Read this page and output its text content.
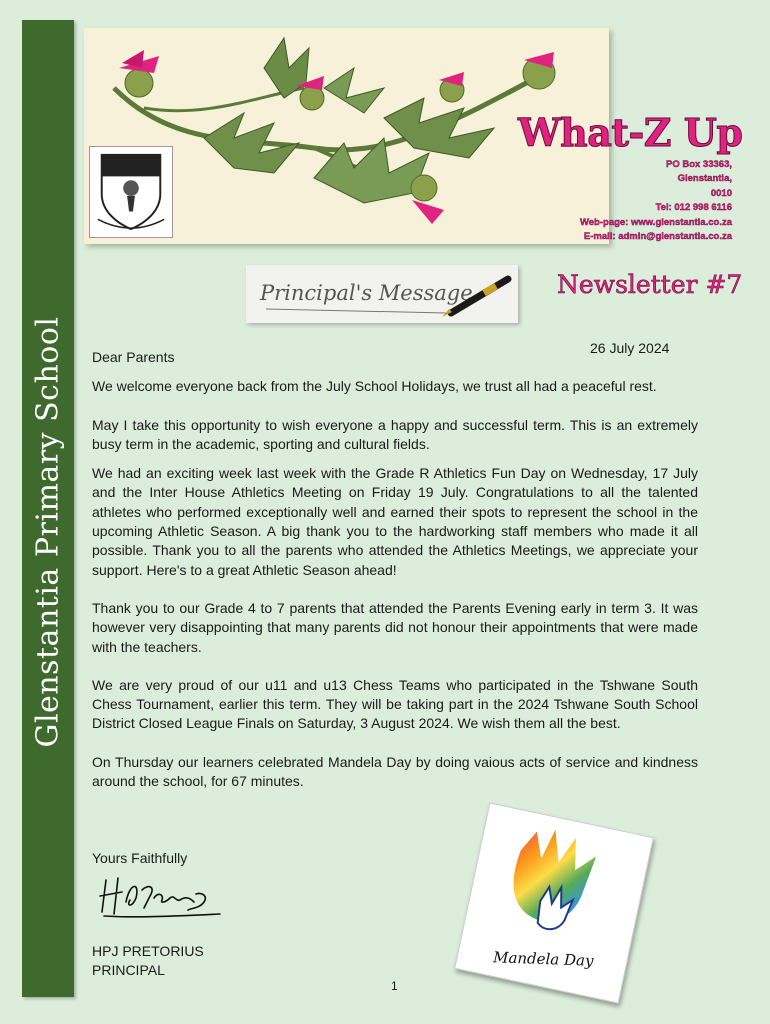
Glenstantia Primary School
What-Z Up
PO Box 33363,
Glenstantia,
0010
Tel: 012 998 6116
Web-page: www.glenstantia.co.za
E-mail: admin@glenstantia.co.za
Principal's Message	Newsletter #7
26 July 2024

Dear Parents

We welcome everyone back from the July School Holidays, we trust all had a peaceful rest.

May I take this opportunity to wish everyone a happy and successful term. This is an extremely busy term in the academic, sporting and cultural fields.

We had an exciting week last week with the Grade R Athletics Fun Day on Wednesday, 17 July and the Inter House Athletics Meeting on Friday 19 July. Congratulations to all the talented athletes who performed exceptionally well and earned their spots to represent the school in the upcoming Athletic Season. A big thank you to the hardworking staff members who made it all possible. Thank you to all the parents who attended the Athletics Meetings, we appreciate your support. Here's to a great Athletic Season ahead!

Thank you to our Grade 4 to 7 parents that attended the Parents Evening early in term 3. It was however very disappointing that many parents did not honour their appointments that were made with the teachers.

We are very proud of our u11 and u13 Chess Teams who participated in the Tshwane South Chess Tournament, earlier this term. They will be taking part in the 2024 Tshwane South School District Closed League Finals on Saturday, 3 August 2024. We wish them all the best.

On Thursday our learners celebrated Mandela Day by doing vaious acts of service and kindness around the school, for 67 minutes.

Yours Faithfully
HPJ PRETORIUS
PRINCIPAL
Mandela Day
1
